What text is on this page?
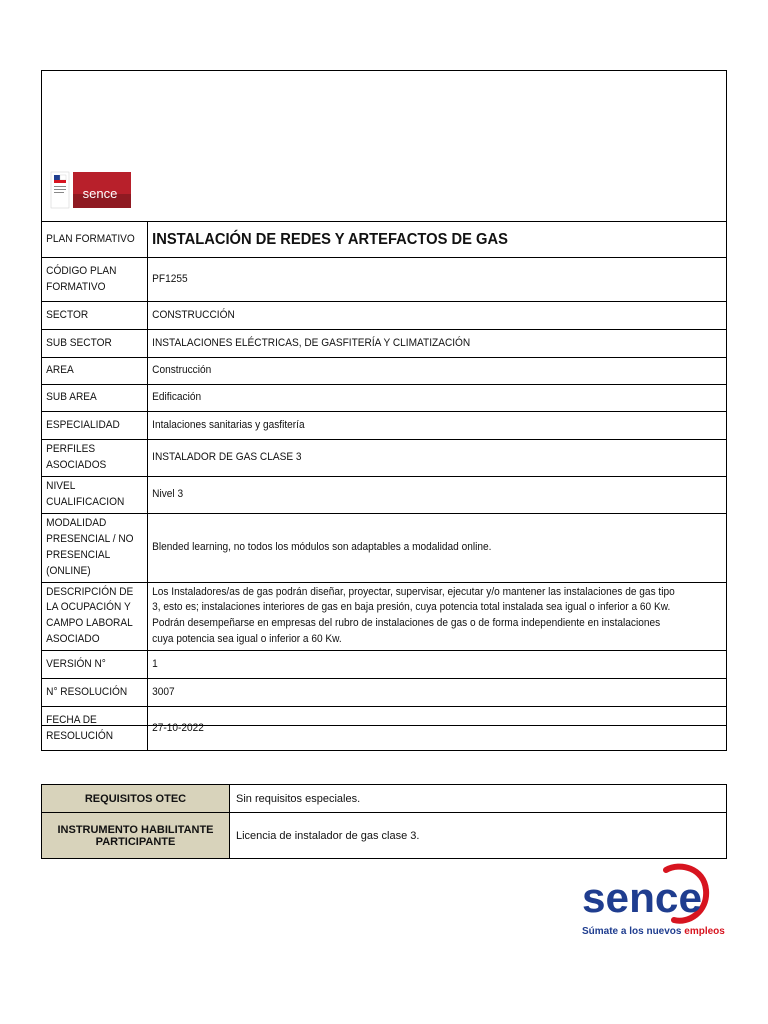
sence
PLAN FORMATIVO	INSTALACIÓN DE REDES Y ARTEFACTOS DE GAS
CÓDIGO PLAN FORMATIVO	PF1255
SECTOR	CONSTRUCCIÓN
SUB SECTOR	INSTALACIONES ELÉCTRICAS, DE GASFITERÍA Y CLIMATIZACIÓN
AREA	Construcción
SUB AREA	Edificación
ESPECIALIDAD	Intalaciones sanitarias y gasfitería
PERFILES ASOCIADOS	INSTALADOR DE GAS CLASE 3
NIVEL CUALIFICACION	Nivel 3
MODALIDAD PRESENCIAL / NO PRESENCIAL (ONLINE)	Blended learning, no todos los módulos son adaptables a modalidad online.
DESCRIPCIÓN DE LA OCUPACIÓN Y CAMPO LABORAL ASOCIADO	Los Instaladores/as de gas podrán diseñar, proyectar, supervisar, ejecutar y/o mantener las instalaciones de gas tipo 3, esto es; instalaciones interiores de gas en baja presión, cuya potencia total instalada sea igual o inferior a 60 Kw. Podrán desempeñarse en empresas del rubro de instalaciones de gas o de forma independiente en instalaciones cuya potencia sea igual o inferior a 60 Kw.
VERSIÓN N°	1
N° RESOLUCIÓN	3007
FECHA DE RESOLUCIÓN	27-10-2022
REQUISITOS OTEC	Sin requisitos especiales.
INSTRUMENTO HABILITANTE PARTICIPANTE	Licencia de instalador de gas clase 3.
sence
Súmate a los nuevos empleos
